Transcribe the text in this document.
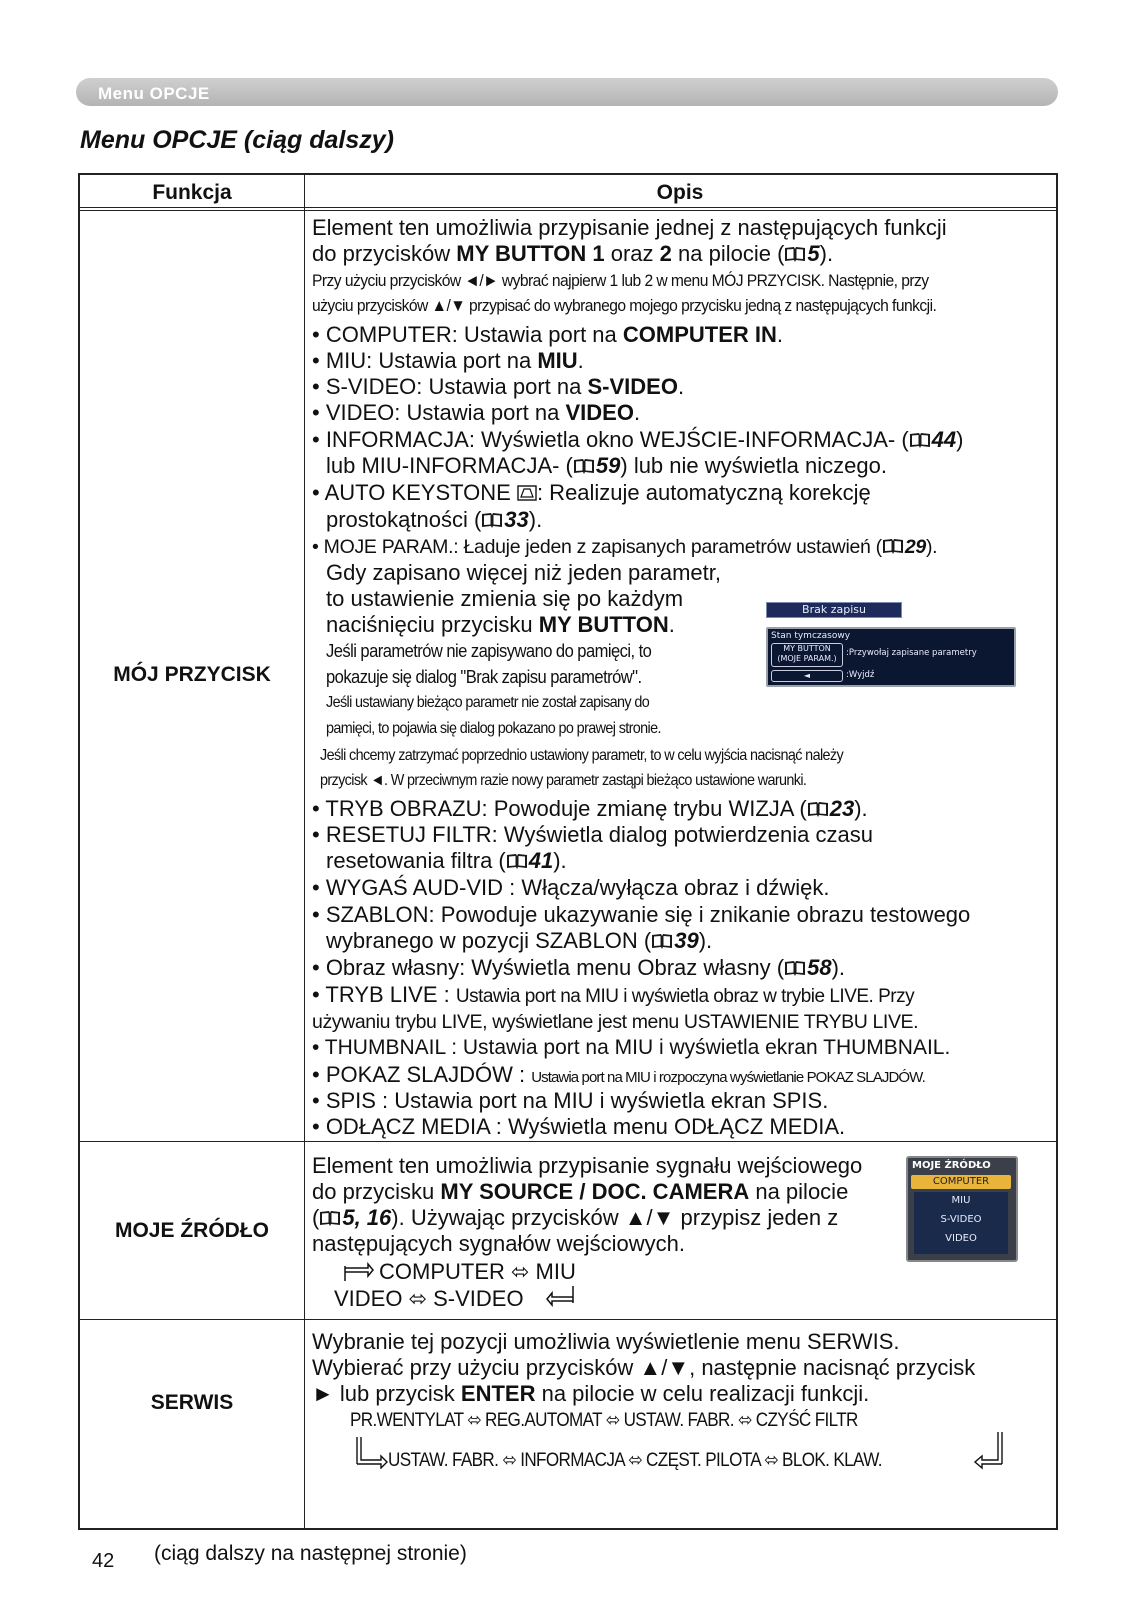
Menu OPCJE
Menu OPCJE (ciąg dalszy)
Funkcja	Opis
MÓJ PRZYCISK
MOJE ŹRÓDŁO
SERWIS
Element ten umożliwia przypisanie jednej z następujących funkcji
do przycisków MY BUTTON 1 oraz 2 na pilocie ( 5).
Przy użyciu przycisków ◄/► wybrać najpierw 1 lub 2 w menu MÓJ PRZYCISK. Następnie, przy
użyciu przycisków ▲/▼ przypisać do wybranego mojego przycisku jedną z następujących funkcji.
• COMPUTER: Ustawia port na COMPUTER IN.
• MIU: Ustawia port na MIU.
• S-VIDEO: Ustawia port na S-VIDEO.
• VIDEO: Ustawia port na VIDEO.
• INFORMACJA: Wyświetla okno WEJŚCIE-INFORMACJA- ( 44)
lub MIU-INFORMACJA- ( 59) lub nie wyświetla niczego.
• AUTO KEYSTONE : Realizuje automatyczną korekcję
prostokątności ( 33).
• MOJE PARAM.: Ładuje jeden z zapisanych parametrów ustawień ( 29).
Gdy zapisano więcej niż jeden parametr,
to ustawienie zmienia się po każdym
naciśnięciu przycisku MY BUTTON.
Jeśli parametrów nie zapisywano do pamięci, to
pokazuje się dialog "Brak zapisu parametrów".
Jeśli ustawiany bieżąco parametr nie został zapisany do
pamięci, to pojawia się dialog pokazano po prawej stronie.
Jeśli chcemy zatrzymać poprzednio ustawiony parametr, to w celu wyjścia nacisnąć należy
przycisk ◄. W przeciwnym razie nowy parametr zastąpi bieżąco ustawione warunki.
• TRYB OBRAZU: Powoduje zmianę trybu WIZJA ( 23).
• RESETUJ FILTR: Wyświetla dialog potwierdzenia czasu
resetowania filtra ( 41).
• WYGAŚ AUD-VID : Włącza/wyłącza obraz i dźwięk.
• SZABLON: Powoduje ukazywanie się i znikanie obrazu testowego
wybranego w pozycji SZABLON ( 39).
• Obraz własny: Wyświetla menu Obraz własny ( 58).
• TRYB LIVE : Ustawia port na MIU i wyświetla obraz w trybie LIVE. Przy
używaniu trybu LIVE, wyświetlane jest menu USTAWIENIE TRYBU LIVE.
• THUMBNAIL : Ustawia port na MIU i wyświetla ekran THUMBNAIL.
• POKAZ SLAJDÓW : Ustawia port na MIU i rozpoczyna wyświetlanie POKAZ SLAJDÓW.
• SPIS : Ustawia port na MIU i wyświetla ekran SPIS.
• ODŁĄCZ MEDIA : Wyświetla menu ODŁĄCZ MEDIA.
Brak zapisu
Stan tymczasowy
MY BUTTON
(MOJE PARAM.)
:Przywołaj zapisane parametry
◄	:Wyjdź
Element ten umożliwia przypisanie sygnału wejściowego
do przycisku MY SOURCE / DOC. CAMERA na pilocie
( 5, 16). Używając przycisków ▲/▼ przypisz jeden z
następujących sygnałów wejściowych.
COMPUTER ⬄ MIU
VIDEO ⬄ S-VIDEO
MOJE ŹRÓDŁO
COMPUTER
MIU
S-VIDEO
VIDEO
Wybranie tej pozycji umożliwia wyświetlenie menu SERWIS.
Wybierać przy użyciu przycisków ▲/▼, następnie nacisnąć przycisk
► lub przycisk ENTER na pilocie w celu realizacji funkcji.
PR.WENTYLAT ⬄ REG.AUTOMAT ⬄ USTAW. FABR. ⬄ CZYŚĆ FILTR
USTAW. FABR. ⬄ INFORMACJA ⬄ CZĘST. PILOTA ⬄ BLOK. KLAW.
42 (ciąg dalszy na następnej stronie)
